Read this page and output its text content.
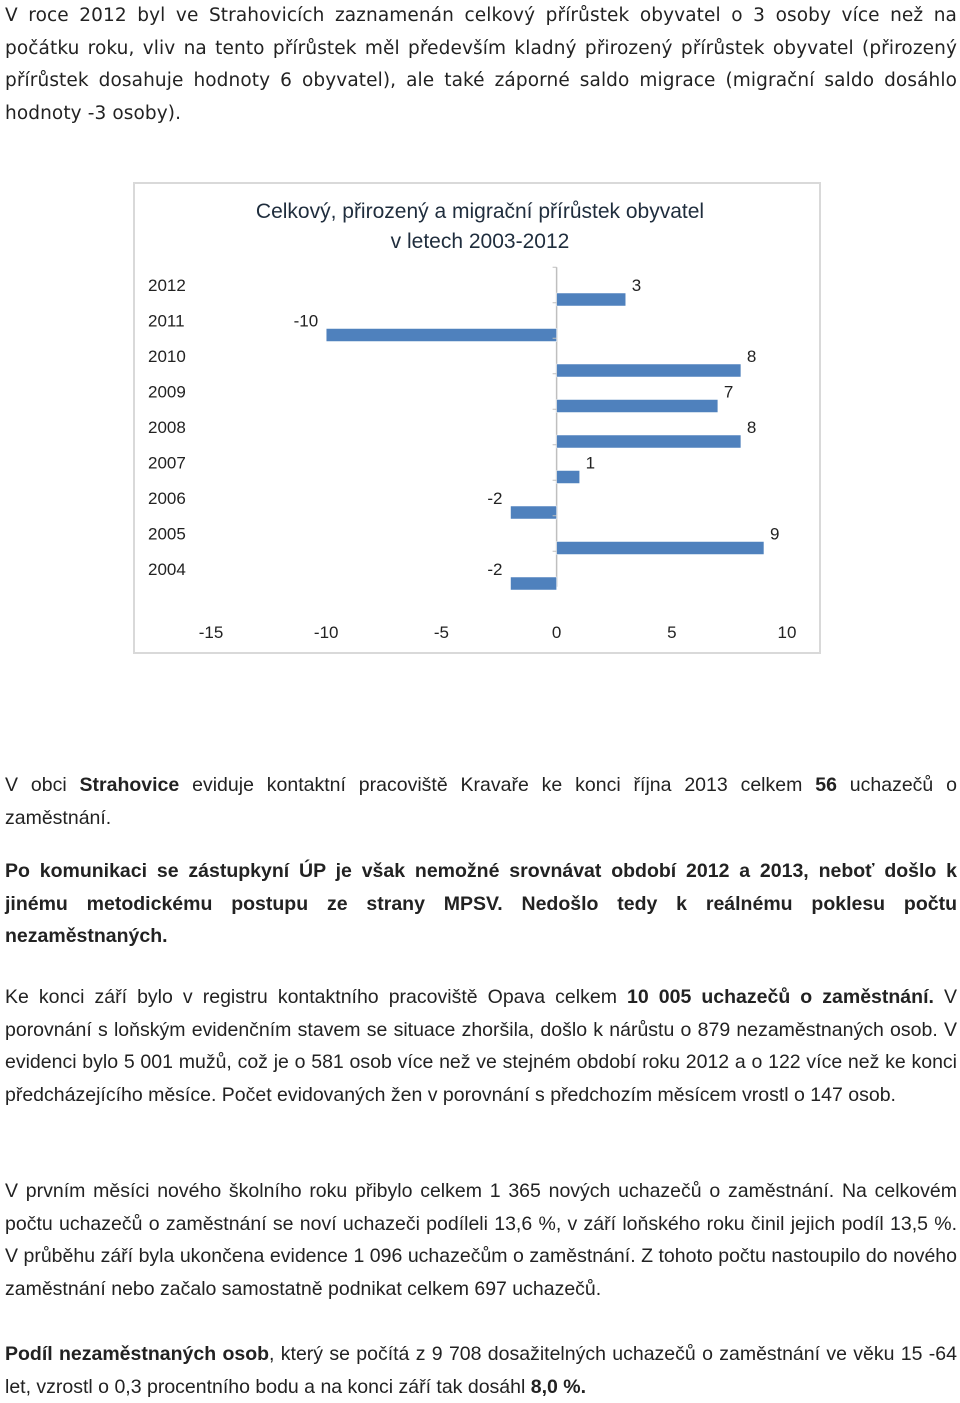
V roce 2012 byl ve Strahovicích zaznamenán celkový přírůstek obyvatel o 3 osoby více než na počátku roku, vliv na tento přírůstek měl především kladný přirozený přírůstek obyvatel (přirozený přírůstek dosahuje hodnoty 6 obyvatel), ale také záporné saldo migrace (migrační saldo dosáhlo hodnoty -3 osoby).

2012	3
2011	-10
2010	8
2009	7
2008	8
2007	1
2006	-2
2005	9
2004	-2
-15	-10	-5	0	5	10
Celkový, přirozený a migrační přírůstek obyvatel
v letech 2003-2012

V obci Strahovice eviduje kontaktní pracoviště Kravaře ke konci října 2013 celkem 56 uchazečů o zaměstnání.

Po komunikaci se zástupkyní ÚP je však nemožné srovnávat období 2012 a 2013, neboť došlo k jinému metodickému postupu ze strany MPSV. Nedošlo tedy k reálnému poklesu počtu nezaměstnaných.

Ke konci září bylo v registru kontaktního pracoviště Opava celkem 10 005 uchazečů o zaměstnání. V porovnání s loňským evidenčním stavem se situace zhoršila, došlo k nárůstu o 879 nezaměstnaných osob. V evidenci bylo 5 001 mužů, což je o 581 osob více než ve stejném období roku 2012 a o 122 více než ke konci předcházejícího měsíce. Počet evidovaných žen v porovnání s předchozím měsícem vrostl o 147 osob.

V prvním měsíci nového školního roku přibylo celkem 1 365 nových uchazečů o zaměstnání. Na celkovém počtu uchazečů o zaměstnání se noví uchazeči podíleli 13,6 %, v září loňského roku činil jejich podíl 13,5 %. V průběhu září byla ukončena evidence 1 096 uchazečům o zaměstnání. Z tohoto počtu nastoupilo do nového zaměstnání nebo začalo samostatně podnikat celkem 697 uchazečů.

Podíl nezaměstnaných osob, který se počítá z 9 708 dosažitelných uchazečů o zaměstnání ve věku 15 -64 let, vzrostl o 0,3 procentního bodu a na konci září tak dosáhl 8,0 %.
